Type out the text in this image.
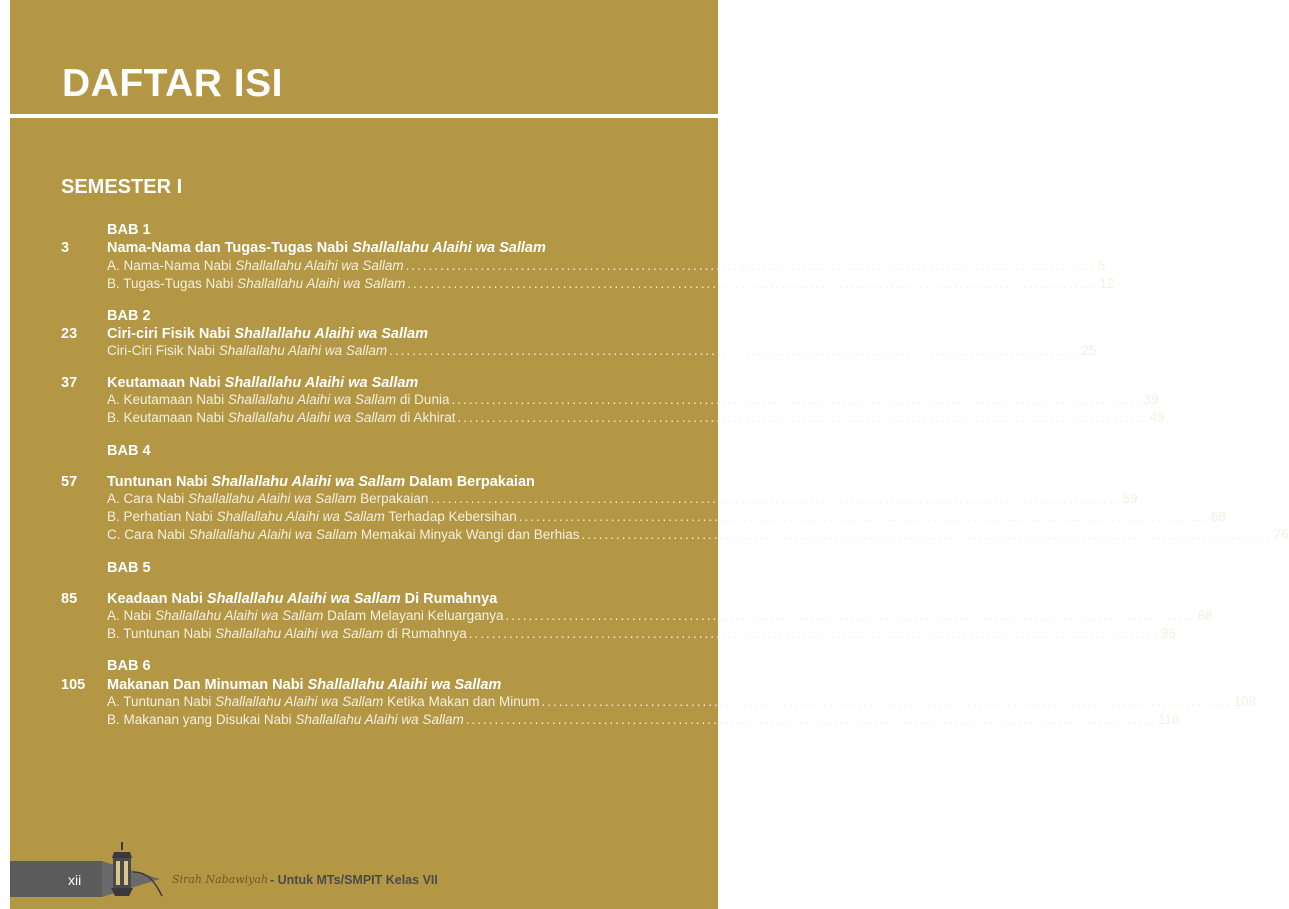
DAFTAR ISI
SEMESTER I
BAB 1
3	Nama-Nama dan Tugas-Tugas Nabi Shallallahu Alaihi wa Sallam
A. Nama-Nama Nabi Shallallahu Alaihi wa Sallam ........................................................................................................................ 5
B. Tugas-Tugas Nabi Shallallahu Alaihi wa Sallam ........................................................................................................................ 12
BAB 2
23 Ciri-ciri Fisik Nabi Shallallahu Alaihi wa Sallam
Ciri-Ciri Fisik Nabi Shallallahu Alaihi wa Sallam ........................................................................................................................ 25
37 Keutamaan Nabi Shallallahu Alaihi wa Sallam
A. Keutamaan Nabi Shallallahu Alaihi wa Sallam di Dunia ........................................................................................................................ 39
B. Keutamaan Nabi Shallallahu Alaihi wa Sallam di Akhirat ........................................................................................................................ 49
BAB 4
57 Tuntunan Nabi Shallallahu Alaihi wa Sallam Dalam Berpakaian
A. Cara Nabi Shallallahu Alaihi wa Sallam Berpakaian ........................................................................................................................ 59
B. Perhatian Nabi Shallallahu Alaihi wa Sallam Terhadap Kebersihan ........................................................................................................................ 68
C. Cara Nabi Shallallahu Alaihi wa Sallam Memakai Minyak Wangi dan Berhias ........................................................................................................................ 76
BAB 5
85 Keadaan Nabi Shallallahu Alaihi wa Sallam Di Rumahnya
A. Nabi Shallallahu Alaihi wa Sallam Dalam Melayani Keluarganya ........................................................................................................................ 88
B. Tuntunan Nabi Shallallahu Alaihi wa Sallam di Rumahnya ........................................................................................................................ 95
BAB 6
105 Makanan Dan Minuman Nabi Shallallahu Alaihi wa Sallam
A. Tuntunan Nabi Shallallahu Alaihi wa Sallam Ketika Makan dan Minum ........................................................................................................................ 108
B. Makanan yang Disukai Nabi Shallallahu Alaihi wa Sallam ........................................................................................................................ 118
xii	Sirah Nabawiyah - Untuk MTs/SMPIT Kelas VII
